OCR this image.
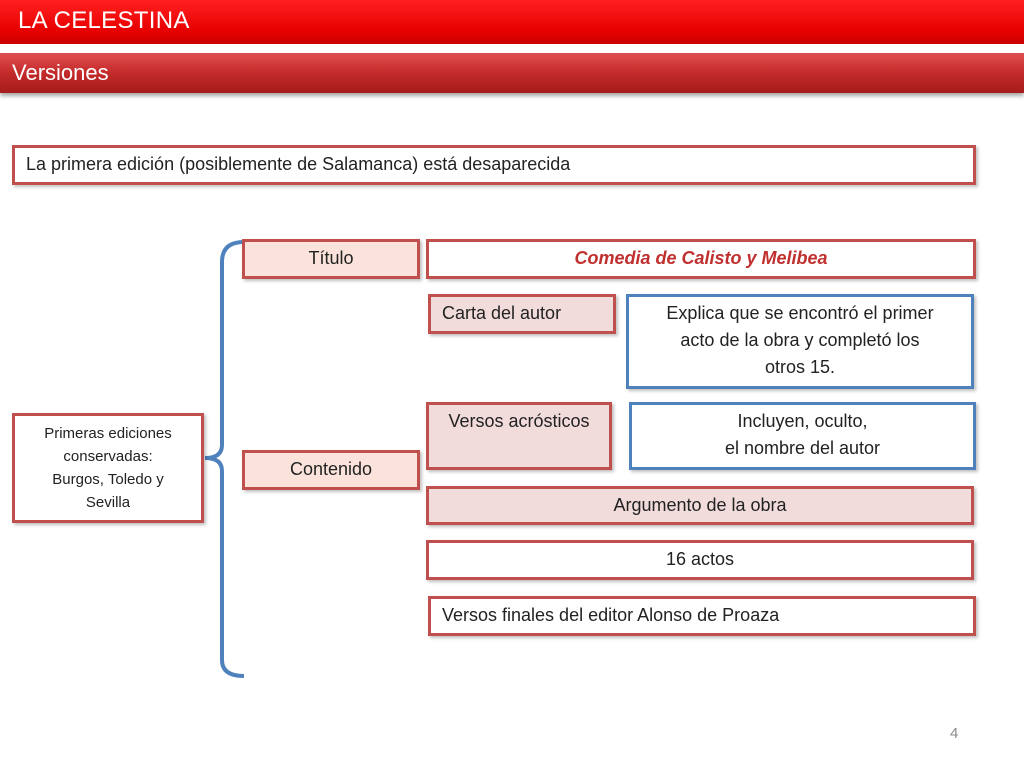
LA CELESTINA
Versiones
La primera edición (posiblemente de Salamanca) está desaparecida
Primeras ediciones
conservadas:
Burgos, Toledo y
Sevilla
Título	Comedia de Calisto y Melibea
Carta del autor	Explica que se encontró el primer
acto de la obra y completó los
otros 15.
Versos acrósticos	Incluyen, oculto,
el nombre del autor
Contenido
Argumento de la obra
16 actos
Versos finales del editor Alonso de Proaza
4
